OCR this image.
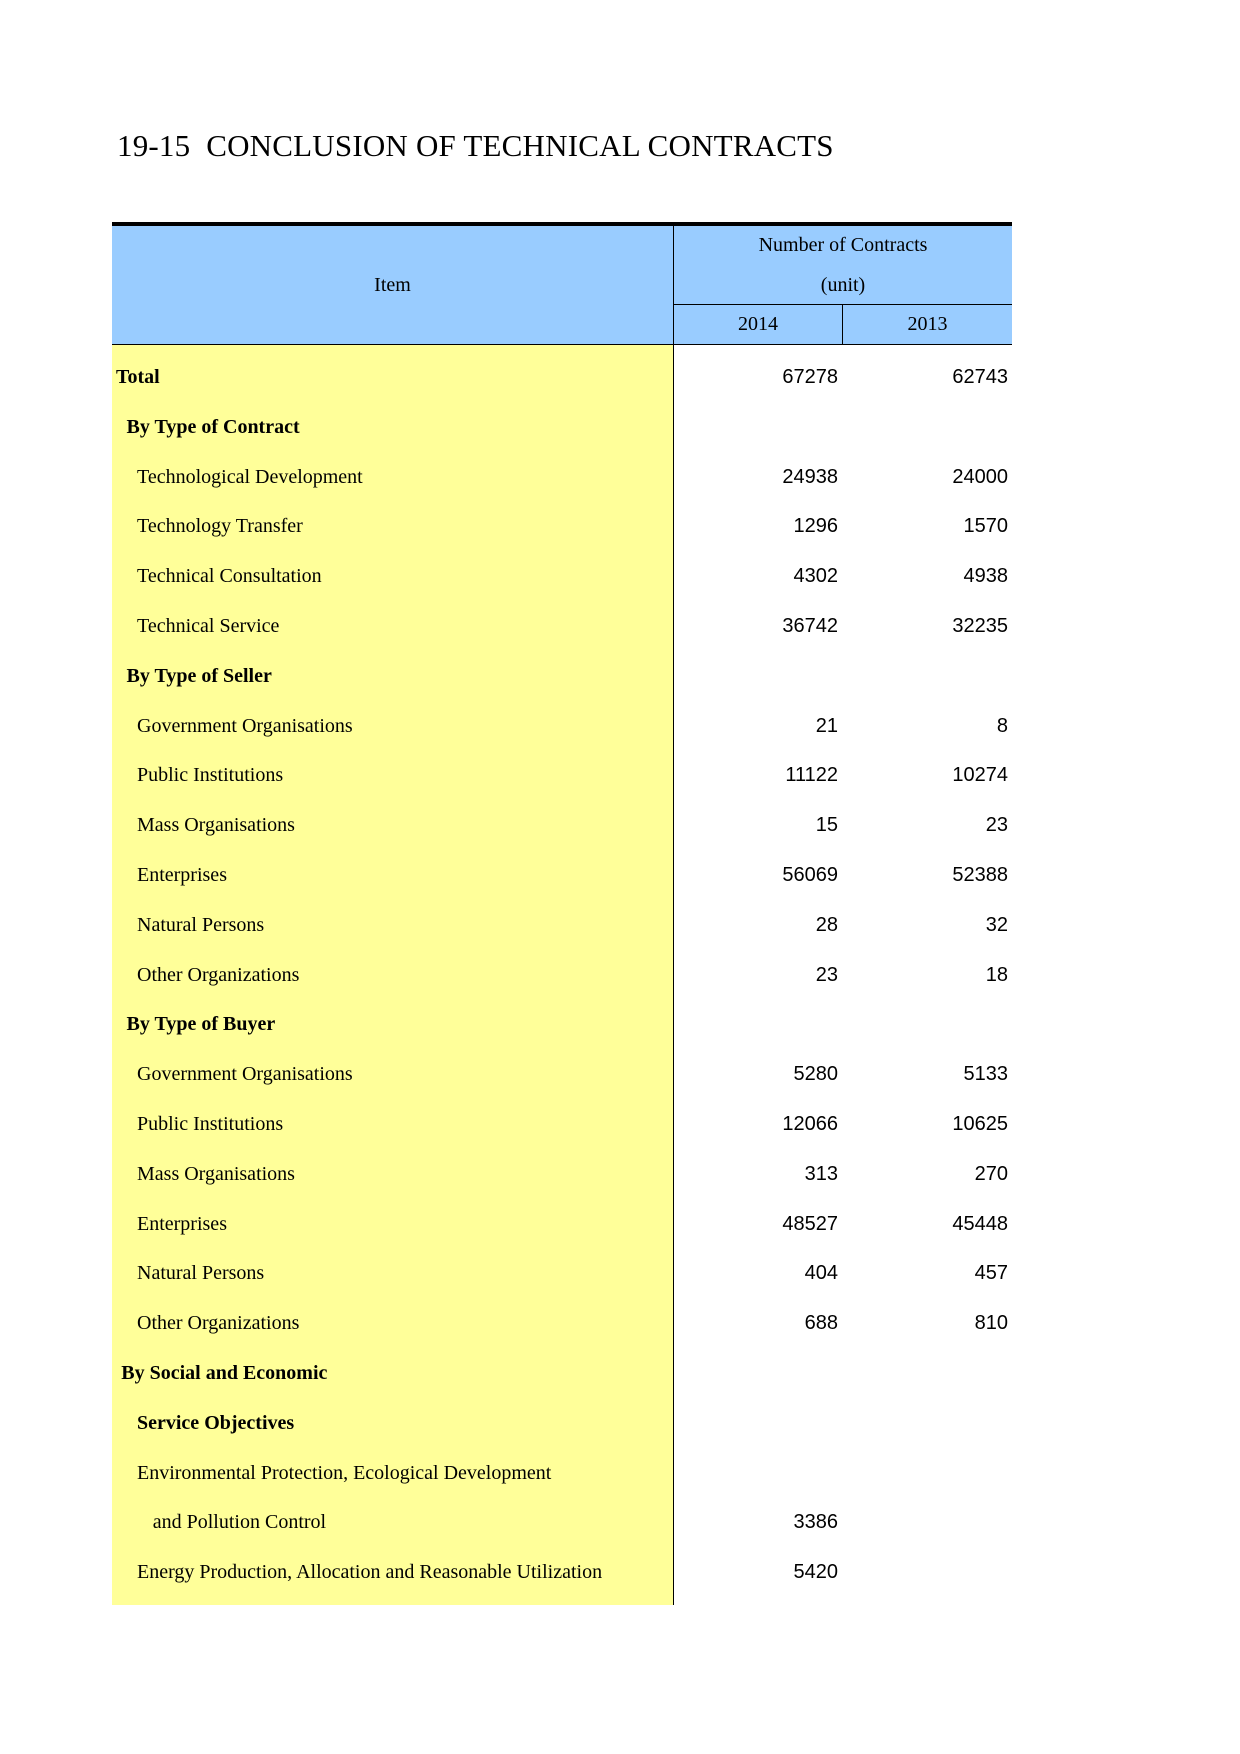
19-15  CONCLUSION OF TECHNICAL CONTRACTS
Item
Number of Contracts
(unit)
2014	2013
Total	67278	62743
By Type of Contract
Technological Development	24938	24000
Technology Transfer	1296	1570
Technical Consultation	4302	4938
Technical Service	36742	32235
By Type of Seller
Government Organisations	21	8
Public Institutions	11122	10274
Mass Organisations	15	23
Enterprises	56069	52388
Natural Persons	28	32
Other Organizations	23	18
By Type of Buyer
Government Organisations	5280	5133
Public Institutions	12066	10625
Mass Organisations	313	270
Enterprises	48527	45448
Natural Persons	404	457
Other Organizations	688	810
By Social and Economic
Service Objectives
Environmental Protection, Ecological Development
and Pollution Control	3386
Energy Production, Allocation and Reasonable Utilization	5420
